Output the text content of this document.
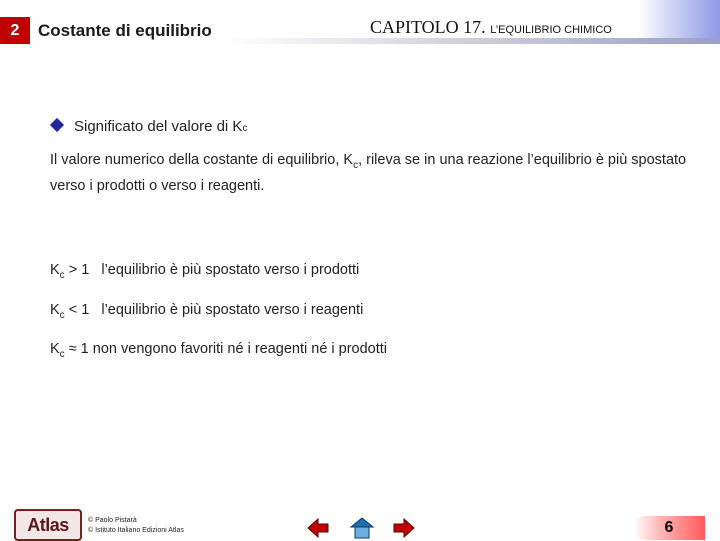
2	Costante di equilibrio	CAPITOLO 17. L’EQUILIBRIO CHIMICO
Significato del valore di K c
Il valore numerico della costante di equilibrio, $K_c$, rileva se in una reazione l’equilibrio è più spostato verso i prodotti o verso i reagenti.
$K_c > 1$   l’equilibrio è più spostato verso i prodotti
$K_c < 1$   l’equilibrio è più spostato verso i reagenti
$K_c \approx 1$ non vengono favoriti né i reagenti né i prodotti
Atlas	© Paolo Pistarà
© Istituto Italiano Edizioni Atlas	6
